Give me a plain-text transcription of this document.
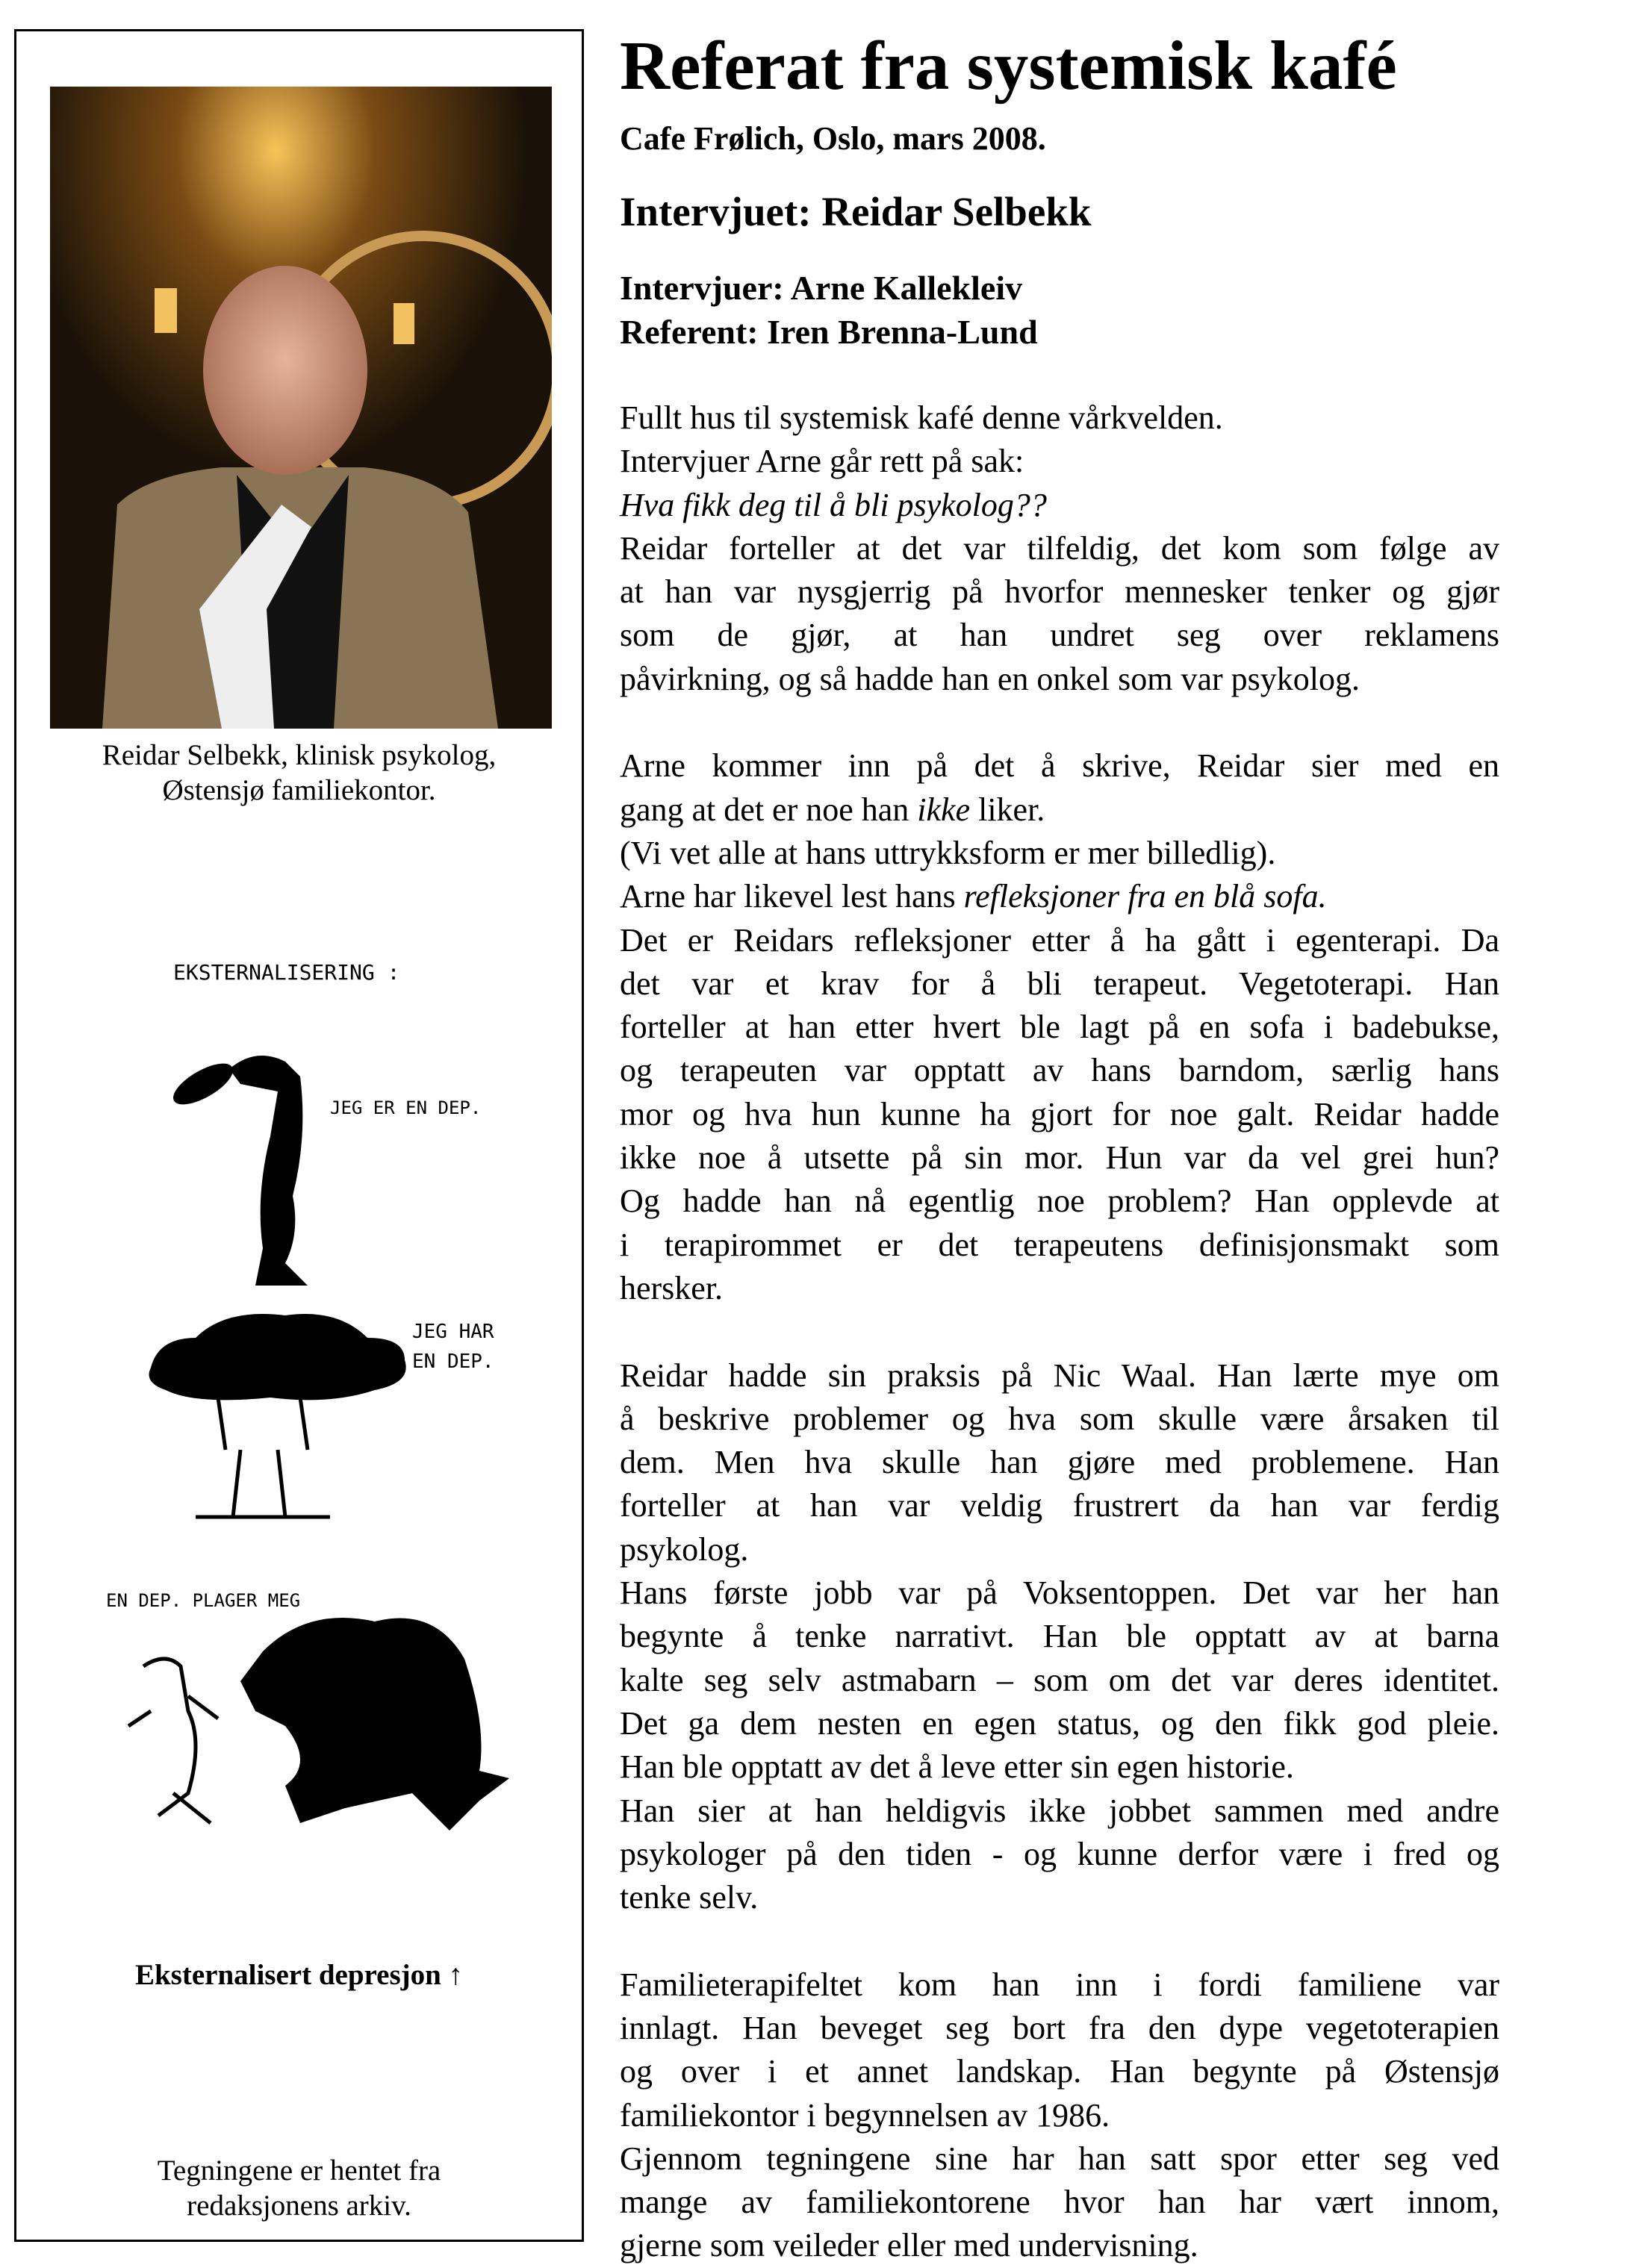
Reidar Selbekk, klinisk psykolog,
Østensjø familiekontor.
EKSTERNALISERING :
JEG ER EN DEP.
JEG HAR
EN DEP.
EN DEP. PLAGER MEG
Eksternalisert depresjon ↑
Tegningene er hentet fra
redaksjonens arkiv.
Referat fra systemisk kafé
Cafe Frølich, Oslo, mars 2008.
Intervjuet: Reidar Selbekk
Intervjuer: Arne Kallekleiv
Referent: Iren Brenna-Lund
Fullt hus til systemisk kafé denne vårkvelden.
Intervjuer Arne går rett på sak:
Hva fikk deg til å bli psykolog??
Reidar forteller at det var tilfeldig, det kom som følge av
at han var nysgjerrig på hvorfor mennesker tenker og gjør
som de gjør, at han undret seg over reklamens
påvirkning, og så hadde han en onkel som var psykolog.
Arne kommer inn på det å skrive, Reidar sier med en
gang at det er noe han ikke liker.
(Vi vet alle at hans uttrykksform er mer billedlig).
Arne har likevel lest hans refleksjoner fra en blå sofa.
Det er Reidars refleksjoner etter å ha gått i egenterapi. Da
det var et krav for å bli terapeut. Vegetoterapi. Han
forteller at han etter hvert ble lagt på en sofa i badebukse,
og terapeuten var opptatt av hans barndom, særlig hans
mor og hva hun kunne ha gjort for noe galt. Reidar hadde
ikke noe å utsette på sin mor. Hun var da vel grei hun?
Og hadde han nå egentlig noe problem? Han opplevde at
i terapirommet er det terapeutens definisjonsmakt som
hersker.
Reidar hadde sin praksis på Nic Waal. Han lærte mye om
å beskrive problemer og hva som skulle være årsaken til
dem. Men hva skulle han gjøre med problemene. Han
forteller at han var veldig frustrert da han var ferdig
psykolog.
Hans første jobb var på Voksentoppen. Det var her han
begynte å tenke narrativt. Han ble opptatt av at barna
kalte seg selv astmabarn – som om det var deres identitet.
Det ga dem nesten en egen status, og den fikk god pleie.
Han ble opptatt av det å leve etter sin egen historie.
Han sier at han heldigvis ikke jobbet sammen med andre
psykologer på den tiden - og kunne derfor være i fred og
tenke selv.
Familieterapifeltet kom han inn i fordi familiene var
innlagt. Han beveget seg bort fra den dype vegetoterapien
og over i et annet landskap. Han begynte på Østensjø
familiekontor i begynnelsen av 1986.
Gjennom tegningene sine har han satt spor etter seg ved
mange av familiekontorene hvor han har vært innom,
gjerne som veileder eller med undervisning.
